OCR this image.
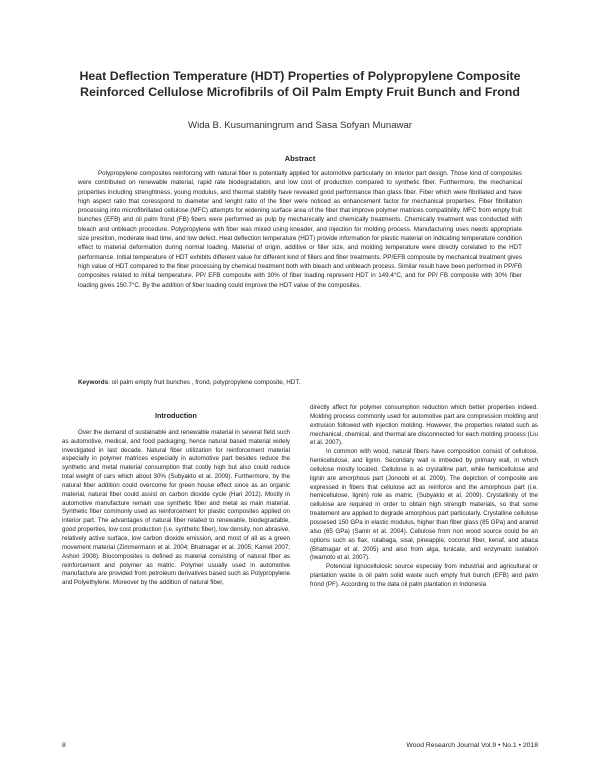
Heat Deflection Temperature (HDT) Properties of Polypropylene Composite
Reinforced Cellulose Microfibrils of Oil Palm Empty Fruit Bunch and Frond
Wida B. Kusumaningrum and Sasa Sofyan Munawar
Abstract

Polypropylene composites reinforcing with natural fiber is potentially applied for automotive particularly on interior part design. Those kind of composites were contributed on renewable material, rapid rate biodegradation, and low cost of production compared to synthetic fiber. Furthermore, the mechanical properties including strenghtness, young modulus, and thermal stability have revealed good performance than glass fiber. Fiber which were fibrillated and have high aspect ratio that coresspond to diameter and lenght ratio of the fiber were noticed as enhancement factor for mechanical properties. Fiber fibrillation processing into microfibrillated cellulose (MFC) attempts for widening surface area of the fiber that improve polymer matrices compatibility. MFC from empty fruit bunches (EFB) and oil palm frond (FB) fibers were performed as pulp by mechanically and chemically treatments. Chemically treatment was conducted with bleach and unbleach procedure. Polypropylene with fiber was mixed using kneader, and injection for molding process. Manufacturing uses needs appropriate size presition, moderate lead time, and low defect. Heat deflection temperature (HDT) provide information for plastic material on indicating temperature condition effect to material deformation during normal loading. Material of origin, additive or filler size, and molding temperature were directly corelated to the HDT performance. Initial temperature of HDT exhibits different value for different kind of fillers and fiber treatments. PP/EFB composite by mechanical treatment gives high value of HDT compared to the fiber processing by chemical treatment both with bleach and unbleach process. Similar result have been performed in PP/FB composites related to initial temperature. PP/ EFB composite with 30% of fiber loading represent HDT in 149.4°C, and for PP/ FB composite with 30% fiber loading gives 150.7°C. By the addition of fiber loading could improve the HDT value of the composites.

Keywords: oil palm empty fruit bunches , frond, polypropylene composite, HDT.
Introduction

Over the demand of sustainable and renewable material in several field such as automotive, medical, and food packaging, hence natural based material widely investigated in last decade. Natural fiber utilization for reinforcement material especially in polymer matrices especially in automotive part besides reduce the synthetic and metal material consumption that costly high but also could reduce total weight of cars which about 30% (Subyakto et al. 2009). Furthermore, by the natural fiber addition could overcome for green house effect since as an organic material, natural fiber could assist on carbon dioxide cycle (Hari 2012). Mostly in automotive manufacture remain use synthetic fiber and metal as main material. Synthetic fiber commonly used as reinforcement for plastic composites applied on interior part. The advantages of natural fiber related to renewable, biodegradable, good properties, low cost production (i.e. synthetic fiber), low density, non abrasive, relatively active surface, low carbon dioxide emission, and most of all as a green movement material (Zimmermann et al. 2004; Bhatnagar et al. 2005; Kamel 2007; Ashori 2008). Biocomposites is defined as material consisting of natural fiber as reinforcement and polymer as matric. Polymer usually used in automotive manufacture are provided from petroleum derivatives based such as Polypropylene and Polyethylene. Moreover by the addition of natural fiber,

directly affect for polymer consumption reduction which better properties indeed. Molding process commonly used for automotive part are compression molding and extrusion followed with injection molding. However, the properties related such as mechanical, chemical, and thermal are disconnected for each molding process (Liu et al. 2007).

In common with wood, natural fibers have composition consist of cellulose, hemicellulose, and lignin. Secondary wall is imbeded by primary wall, in which cellulose mostly located. Cellulose is as crystalline part, while hemicellulose and lignin are amorphous part (Jonoobi et al. 2009). The depiction of composite are expressed in fibers that cellulose act as reinforce and the amorphous part (i.e. hemicellulose, lignin) role as matric. (Subyakto et al. 2009). Crystallinity of the cellulose are required in order to obtain high strength materials, so that some treatement are applied to degrade amorphous part particularly. Crystalline cellulose possesed 150 GPa in elastic modulus, higher than fiber glass (85 GPa) and aramid also (65 GPa) (Samir et al. 2004). Cellulose from non wood source could be an options such as flax, rutabaga, sisal, pineapple, coconut fiber, kenaf, and abaca (Bhatnagar et al. 2005) and also from alga, tunicate, and enzymatic isolation (Iwamoto et al. 2007).

Potencial lignocellulosic source especialy from industrial and agricultural or plantation waste is oil palm solid waste such empty fruit bunch (EFB) and palm frond (PF). According to the data oil palm plantation in Indonesia

8	Wood Research Journal Vol.9 • No.1 • 2018
